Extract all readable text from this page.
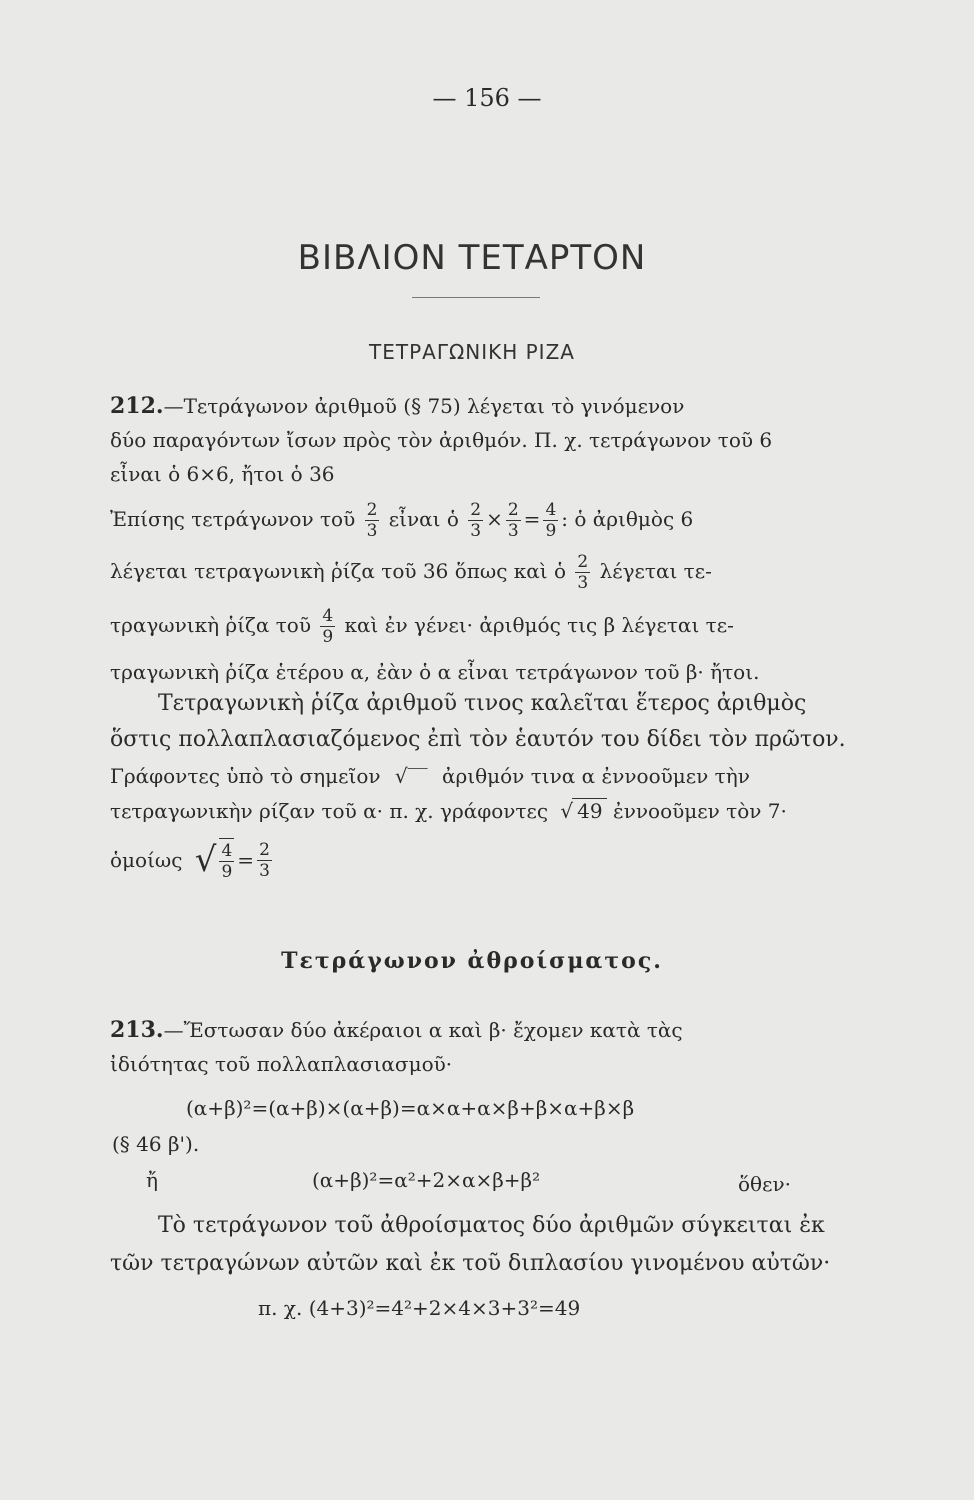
— 156 —
ΒΙΒΛΙΟΝ ΤΕΤΑΡΤΟΝ
ΤΕΤΡΑΓΩΝΙΚΗ ΡΙΖΑ
212.—Τετράγωνον ἀριθμοῦ (§ 75) λέγεται τὸ γινόμενον
δύο παραγόντων ἴσων πρὸς τὸν ἀριθμόν. Π. χ. τετράγωνον τοῦ 6
εἶναι ὁ 6×6, ἤτοι ὁ 36
Ἐπίσης τετράγωνον τοῦ $\frac{2}{3}$ εἶναι ὁ $\frac{2}{3} \times \frac{2}{3} = \frac{4}{9}$ : ὁ ἀριθμὸς 6
λέγεται τετραγωνικὴ ῥίζα τοῦ 36 ὅπως καὶ ὁ $\frac{2}{3}$ λέγεται τε-
τραγωνικὴ ῥίζα τοῦ $\frac{4}{9}$ καὶ ἐν γένει· ἀριθμός τις β λέγεται τε-
τραγωνικὴ ῥίζα ἑτέρου α, ἐὰν ὁ α εἶναι τετράγωνον τοῦ β· ἤτοι.
Τετραγωνικὴ ῥίζα ἀριθμοῦ τινος καλεῖται ἕτερος ἀριθμὸς
ὅστις πολλαπλασιαζόμενος ἐπὶ τὸν ἑαυτόν του δίδει τὸν πρῶτον.
Γράφοντες ὑπὸ τὸ σημεῖον √‾‾ ἀριθμόν τινα α ἐννοοῦμεν τὴν
τετραγωνικὴν ρίζαν τοῦ α· π. χ. γράφοντες √ 49 ἐννοοῦμεν τὸν 7·
ὁμοίως √ $\frac{4}{9} = \frac{2}{3}$
Τετράγωνον ἀθροίσματος.
213.—Ἔστωσαν δύο ἀκέραιοι α καὶ β· ἔχομεν κατὰ τὰς
ἰδιότητας τοῦ πολλαπλασιασμοῦ·
(α+β)²=(α+β)×(α+β)=α×α+α×β+β×α+β×β
(§ 46 β').
ἤ	(α+β)²=α²+2×α×β+β²	ὅθεν·
Τὸ τετράγωνον τοῦ ἀθροίσματος δύο ἀριθμῶν σύγκειται ἐκ
τῶν τετραγώνων αὐτῶν καὶ ἐκ τοῦ διπλασίου γινομένου αὐτῶν·
π. χ. (4+3)²=4²+2×4×3+3²=49
